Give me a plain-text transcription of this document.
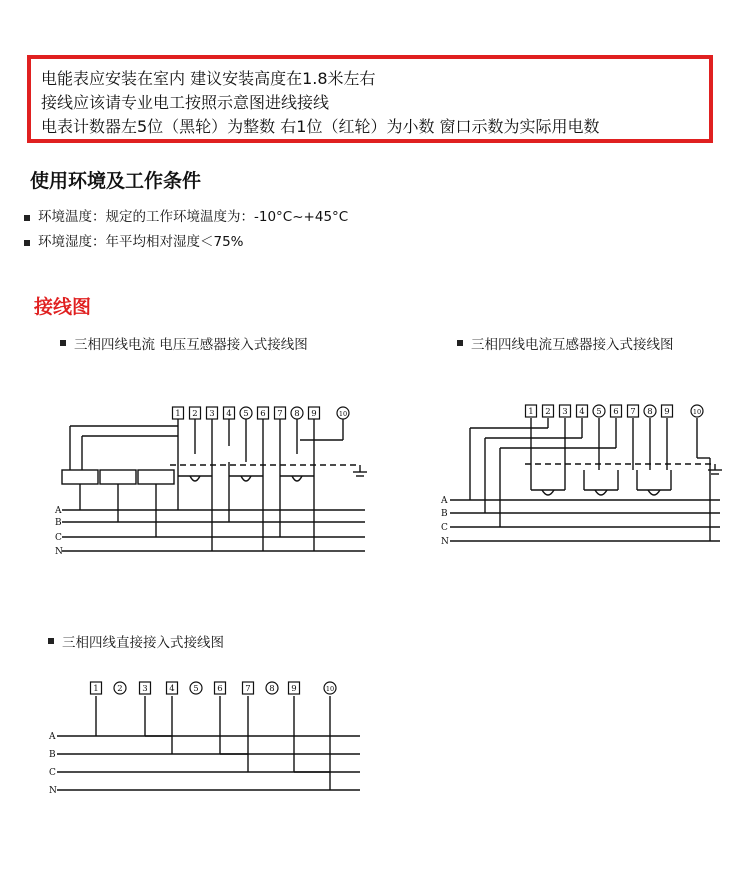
电能表应安装在室内 建议安装高度在1.8米左右
接线应该请专业电工按照示意图进线接线
电表计数器左5位（黑轮）为整数 右1位（红轮）为小数 窗口示数为实际用电数
使用环境及工作条件
环境温度：规定的工作环境温度为：-10°C~+45°C
环境湿度：年平均相对湿度＜75%
接线图
三相四线电流 电压互感器接入式接线图	三相四线电流互感器接入式接线图
三相四线直接接入式接线图
A
B
C
N
1 2 3 4 5 6 7 8 9	10
A
B
C
N
1 2 3 4 5 6 7 8 9	10
A
B
C
N
1 2 3	4 5 6	7 8 9	10
